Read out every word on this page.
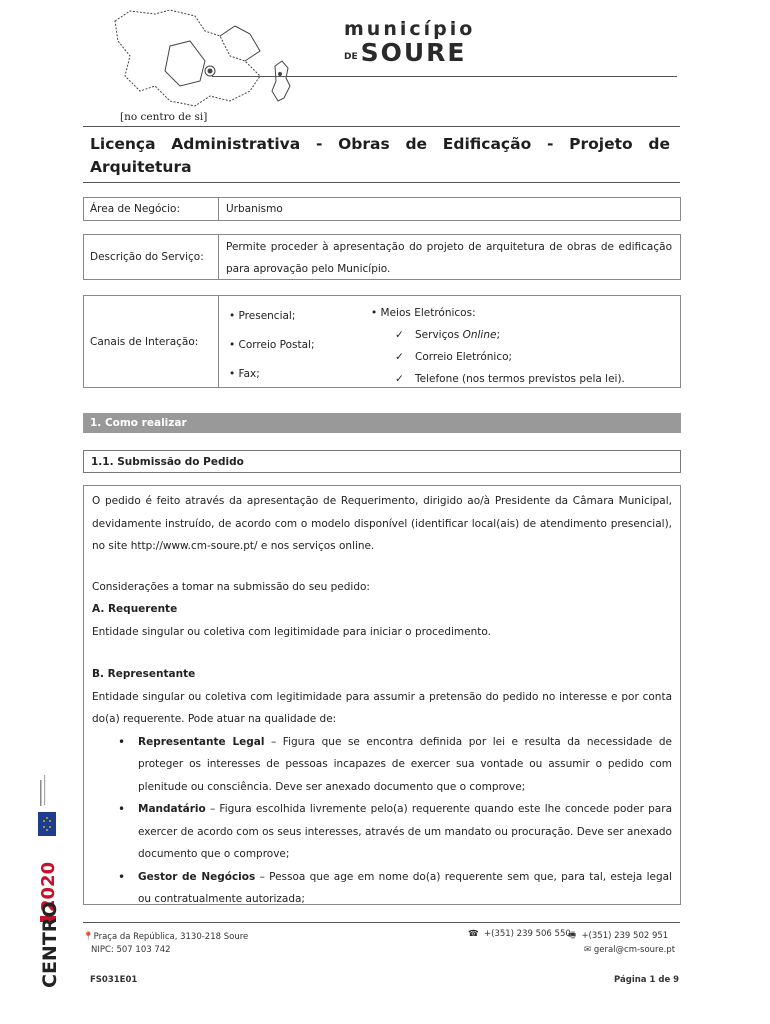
[no centro de si]
município
DE SOURE
Licença Administrativa - Obras de Edificação - Projeto de Arquitetura
Área de Negócio:	Urbanismo
Descrição do Serviço:
Permite proceder à apresentação do projeto de arquitetura de obras de edificação para aprovação pelo Município.
Canais de Interação:
• Presencial;
• Correio Postal;
• Fax;
• Meios Eletrónicos:
✓ Serviços Online;
✓ Correio Eletrónico;
✓ Telefone (nos termos previstos pela lei).
1. Como realizar
1.1. Submissão do Pedido

O pedido é feito através da apresentação de Requerimento, dirigido ao/à Presidente da Câmara Municipal, devidamente instruído, de acordo com o modelo disponível (identificar local(ais) de atendimento presencial), no site http://www.cm-soure.pt/ e nos serviços online.

Considerações a tomar na submissão do seu pedido:

A. Requerente

Entidade singular ou coletiva com legitimidade para iniciar o procedimento.

B. Representante

Entidade singular ou coletiva com legitimidade para assumir a pretensão do pedido no interesse e por conta do(a) requerente. Pode atuar na qualidade de:

• Representante Legal – Figura que se encontra definida por lei e resulta da necessidade de proteger os interesses de pessoas incapazes de exercer sua vontade ou assumir o pedido com plenitude ou consciência. Deve ser anexado documento que o comprove;
• Mandatário – Figura escolhida livremente pelo(a) requerente quando este lhe concede poder para exercer de acordo com os seus interesses, através de um mandato ou procuração. Deve ser anexado documento que o comprove;
• Gestor de Negócios – Pessoa que age em nome do(a) requerente sem que, para tal, esteja legal ou contratualmente autorizada;
2020
CENTRO	📍Praça da República, 3130-218 Soure
NIPC: 507 103 742
☎ +(351) 239 506 550
🖷 +(351) 239 502 951
✉ geral@cm-soure.pt
FS031E01	Página 1 de 9
